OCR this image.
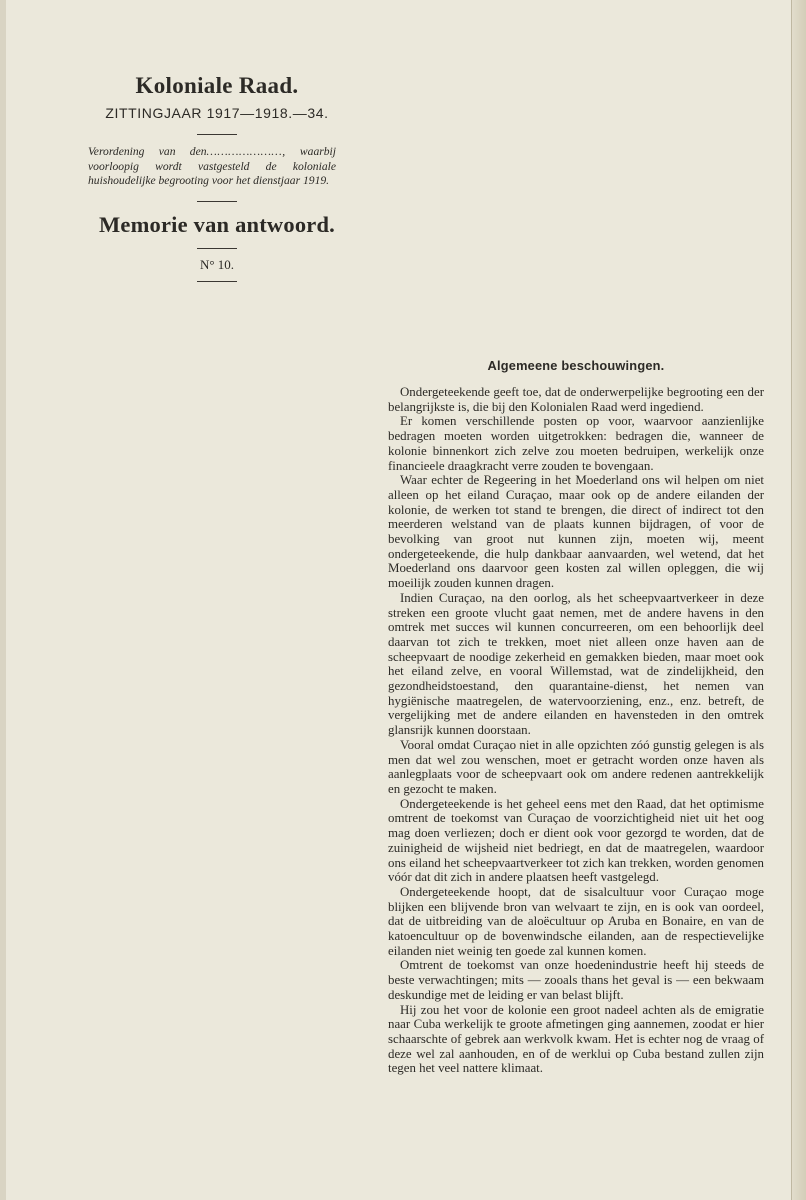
Koloniale Raad.
ZITTINGJAAR 1917—1918.—34.
Verordening van den…………………, waarbij voorloopig wordt vastgesteld de koloniale huishoudelijke begrooting voor het dienstjaar 1919.
Memorie van antwoord.
N° 10.
Algemeene beschouwingen.

Ondergeteekende geeft toe, dat de onderwerpelijke begrooting een der belangrijkste is, die bij den Kolonialen Raad werd ingediend.

Er komen verschillende posten op voor, waarvoor aanzienlijke bedragen moeten worden uitgetrokken: bedragen die, wanneer de kolonie binnenkort zich zelve zou moeten bedruipen, werkelijk onze financieele draagkracht verre zouden te bovengaan.

Waar echter de Regeering in het Moederland ons wil helpen om niet alleen op het eiland Curaçao, maar ook op de andere eilanden der kolonie, de werken tot stand te brengen, die direct of indirect tot den meerderen welstand van de plaats kunnen bijdragen, of voor de bevolking van groot nut kunnen zijn, moeten wij, meent ondergeteekende, die hulp dankbaar aanvaarden, wel wetend, dat het Moederland ons daarvoor geen kosten zal willen opleggen, die wij moeilijk zouden kunnen dragen.

Indien Curaçao, na den oorlog, als het scheepvaartverkeer in deze streken een groote vlucht gaat nemen, met de andere havens in den omtrek met succes wil kunnen concurreeren, om een behoorlijk deel daarvan tot zich te trekken, moet niet alleen onze haven aan de scheepvaart de noodige zekerheid en gemakken bieden, maar moet ook het eiland zelve, en vooral Willemstad, wat de zindelijkheid, den gezondheidstoestand, den quarantaine-dienst, het nemen van hygiënische maatregelen, de watervoorziening, enz., enz. betreft, de vergelijking met de andere eilanden en havensteden in den omtrek glansrijk kunnen doorstaan.

Vooral omdat Curaçao niet in alle opzichten zóó gunstig gelegen is als men dat wel zou wenschen, moet er getracht worden onze haven als aanlegplaats voor de scheepvaart ook om andere redenen aantrekkelijk en gezocht te maken.

Ondergeteekende is het geheel eens met den Raad, dat het optimisme omtrent de toekomst van Curaçao de voorzichtigheid niet uit het oog mag doen verliezen; doch er dient ook voor gezorgd te worden, dat de zuinigheid de wijsheid niet bedriegt, en dat de maatregelen, waardoor ons eiland het scheepvaartverkeer tot zich kan trekken, worden genomen vóór dat dit zich in andere plaatsen heeft vastgelegd.

Ondergeteekende hoopt, dat de sisalcultuur voor Curaçao moge blijken een blijvende bron van welvaart te zijn, en is ook van oordeel, dat de uitbreiding van de aloëcultuur op Aruba en Bonaire, en van de katoencultuur op de bovenwindsche eilanden, aan de respectievelijke eilanden niet weinig ten goede zal kunnen komen.

Omtrent de toekomst van onze hoedenindustrie heeft hij steeds de beste verwachtingen; mits — zooals thans het geval is — een bekwaam deskundige met de leiding er van belast blijft.

Hij zou het voor de kolonie een groot nadeel achten als de emigratie naar Cuba werkelijk te groote afmetingen ging aannemen, zoodat er hier schaarschte of gebrek aan werkvolk kwam. Het is echter nog de vraag of deze wel zal aanhouden, en of de werklui op Cuba bestand zullen zijn tegen het veel nattere klimaat.
